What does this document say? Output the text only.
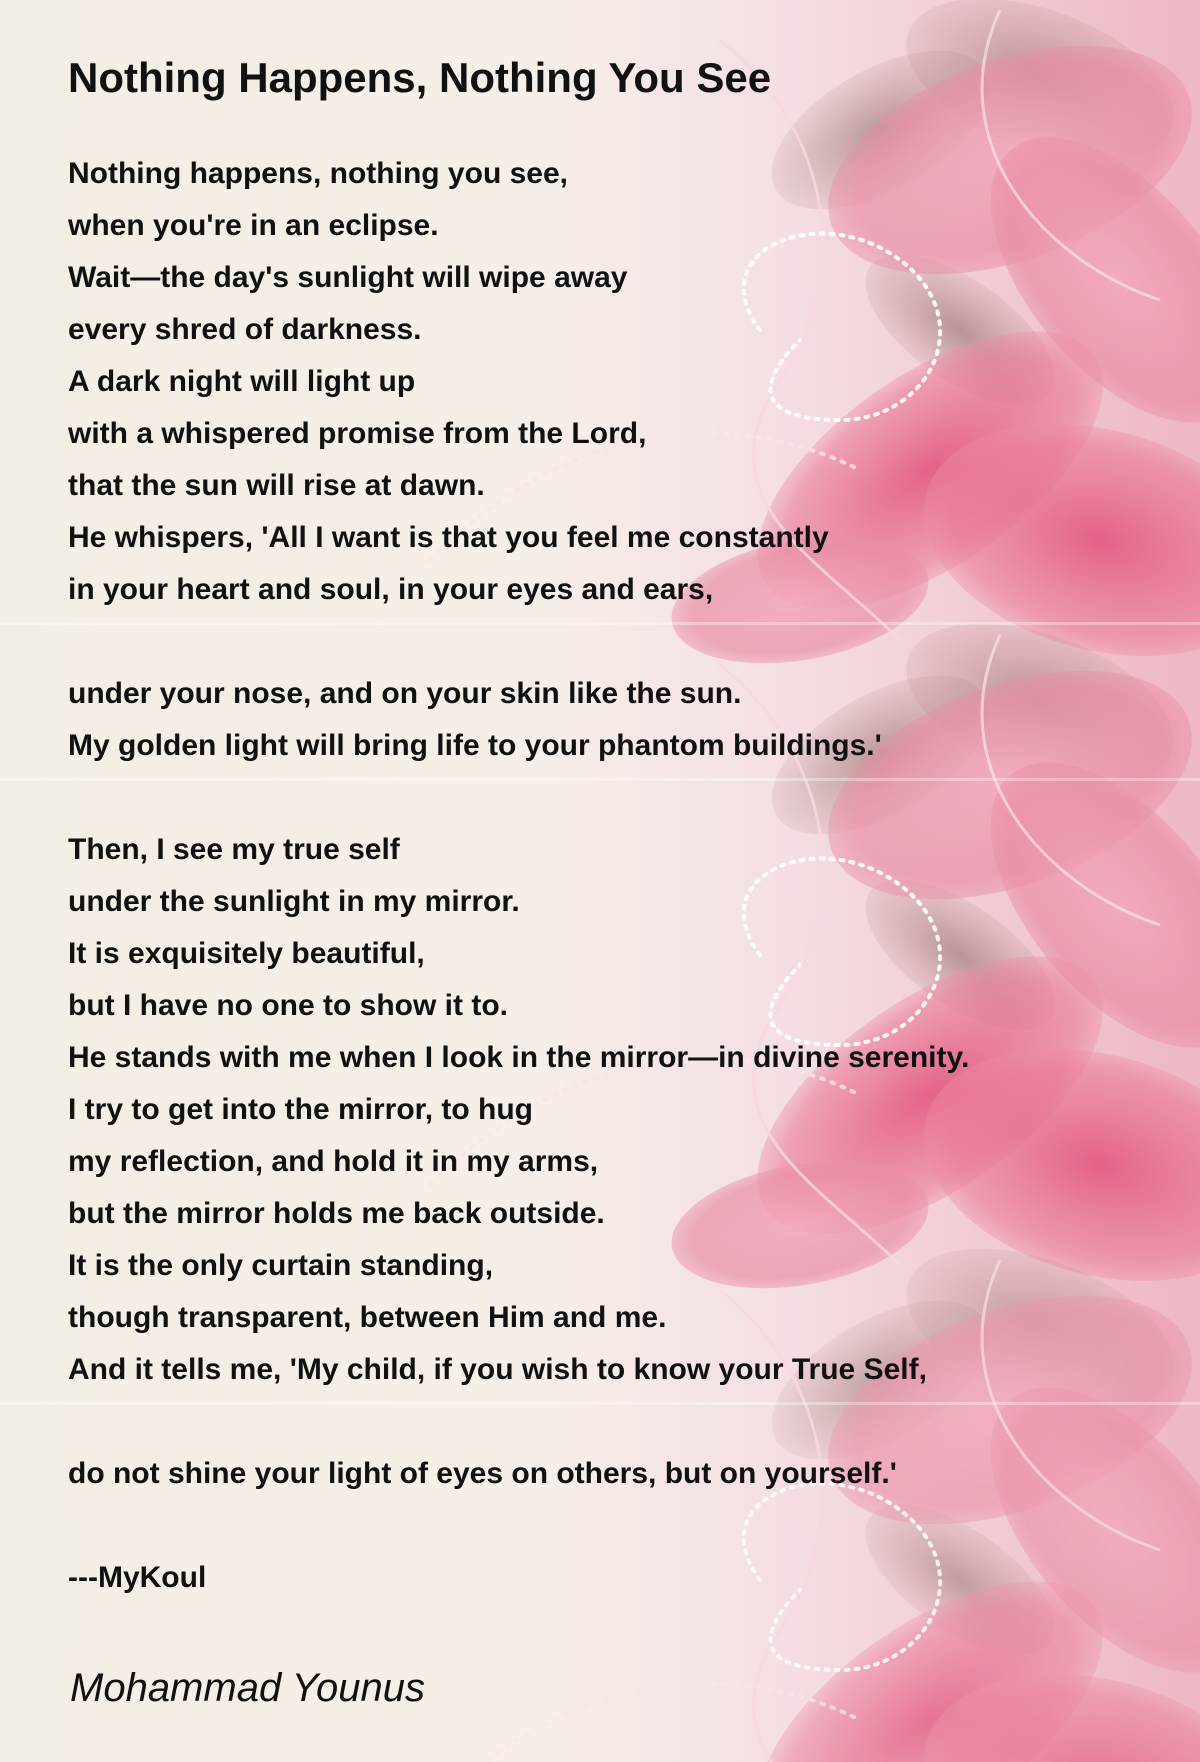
Nothing Happens, Nothing You See

Nothing happens, nothing you see,

when you're in an eclipse.

Wait—the day's sunlight will wipe away

every shred of darkness.

A dark night will light up

with a whispered promise from the Lord,

that the sun will rise at dawn.

He whispers, 'All I want is that you feel me constantly

in your heart and soul, in your eyes and ears,

under your nose, and on your skin like the sun.

My golden light will bring life to your phantom buildings.'

Then, I see my true self

under the sunlight in my mirror.

It is exquisitely beautiful,

but I have no one to show it to.

He stands with me when I look in the mirror—in divine serenity.

I try to get into the mirror, to hug

my reflection, and hold it in my arms,

but the mirror holds me back outside.

It is the only curtain standing,

though transparent, between Him and me.

And it tells me, 'My child, if you wish to know your True Self,

do not shine your light of eyes on others, but on yourself.'

---MyKoul

Mohammad Younus
